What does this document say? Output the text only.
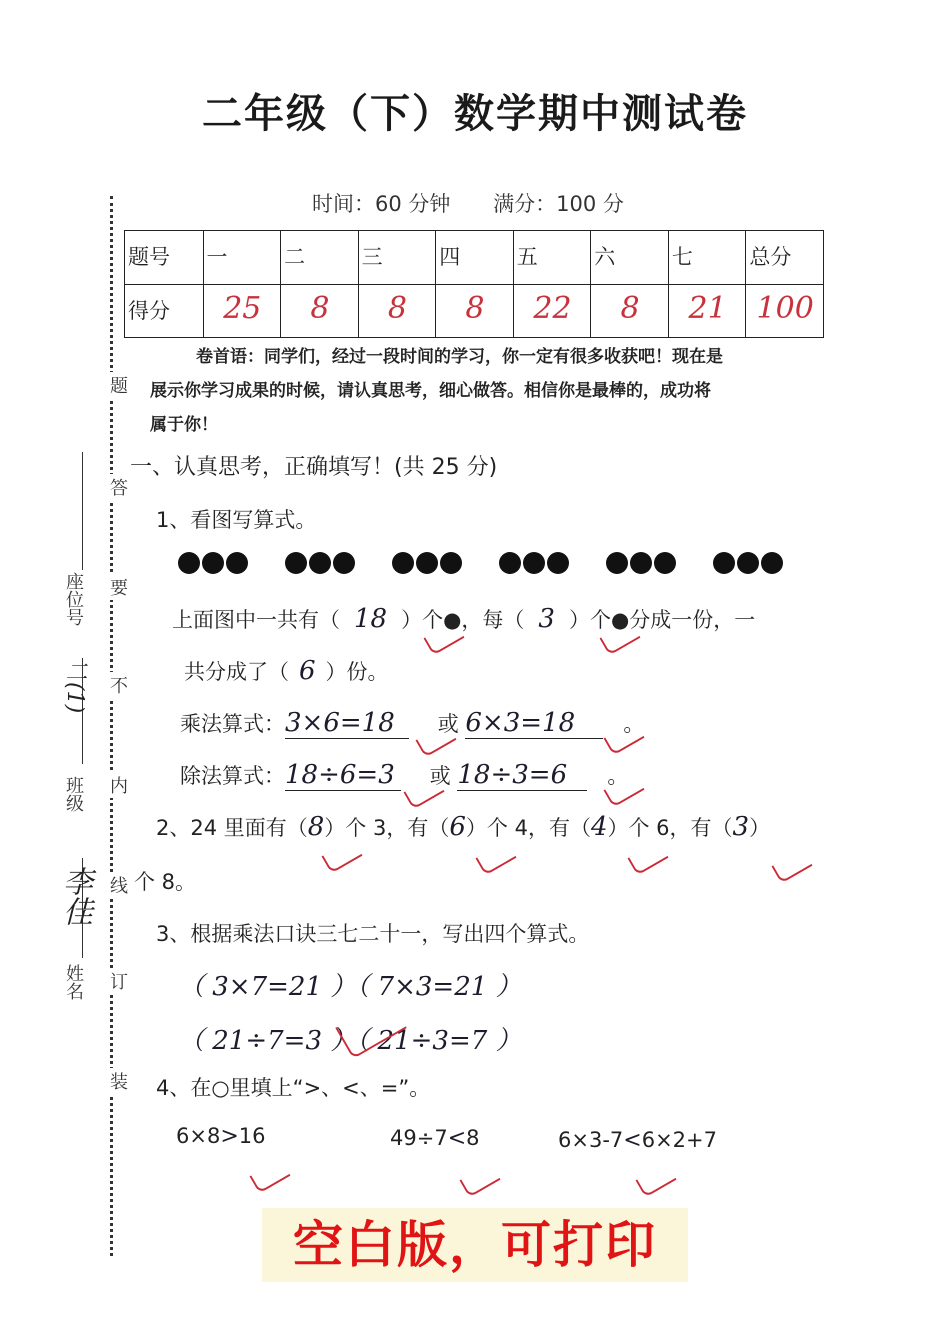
二年级（下）数学期中测试卷
时间：60 分钟 满分：100 分
题号	一	二	三	四	五	六	七	总分
得分	25	8	8	8	22	8	21	100
题
答
要
不
内
线
订
装
座位号
二(1)
班级
李佳
姓名
卷首语：同学们，经过一段时间的学习，你一定有很多收获吧！现在是
展示你学习成果的时候，请认真思考，细心做答。相信你是最棒的，成功将
属于你！
一、认真思考，正确填写！(共 25 分)
1、看图写算式。

上面图中一共有（ 18 ）个●，每（ 3 ）个●分成一份，一
共分成了（ 6 ）份。
乘法算式：3×6=18 或 6×3=18 。
除法算式：18÷6=3 或 18÷3=6 。
2、24 里面有（8）个 3，有（6）个 4，有（4）个 6，有（3）
个 8。
3、根据乘法口诀三七二十一，写出四个算式。
（ 3×7=21 ）（ 7×3=21 ）
（ 21÷7=3 ）（ 21÷3=7 ）
4、在○里填上“>、<、=”。
6×8>16	49÷7<8	6×3-7<6×2+7
空白版，可打印
